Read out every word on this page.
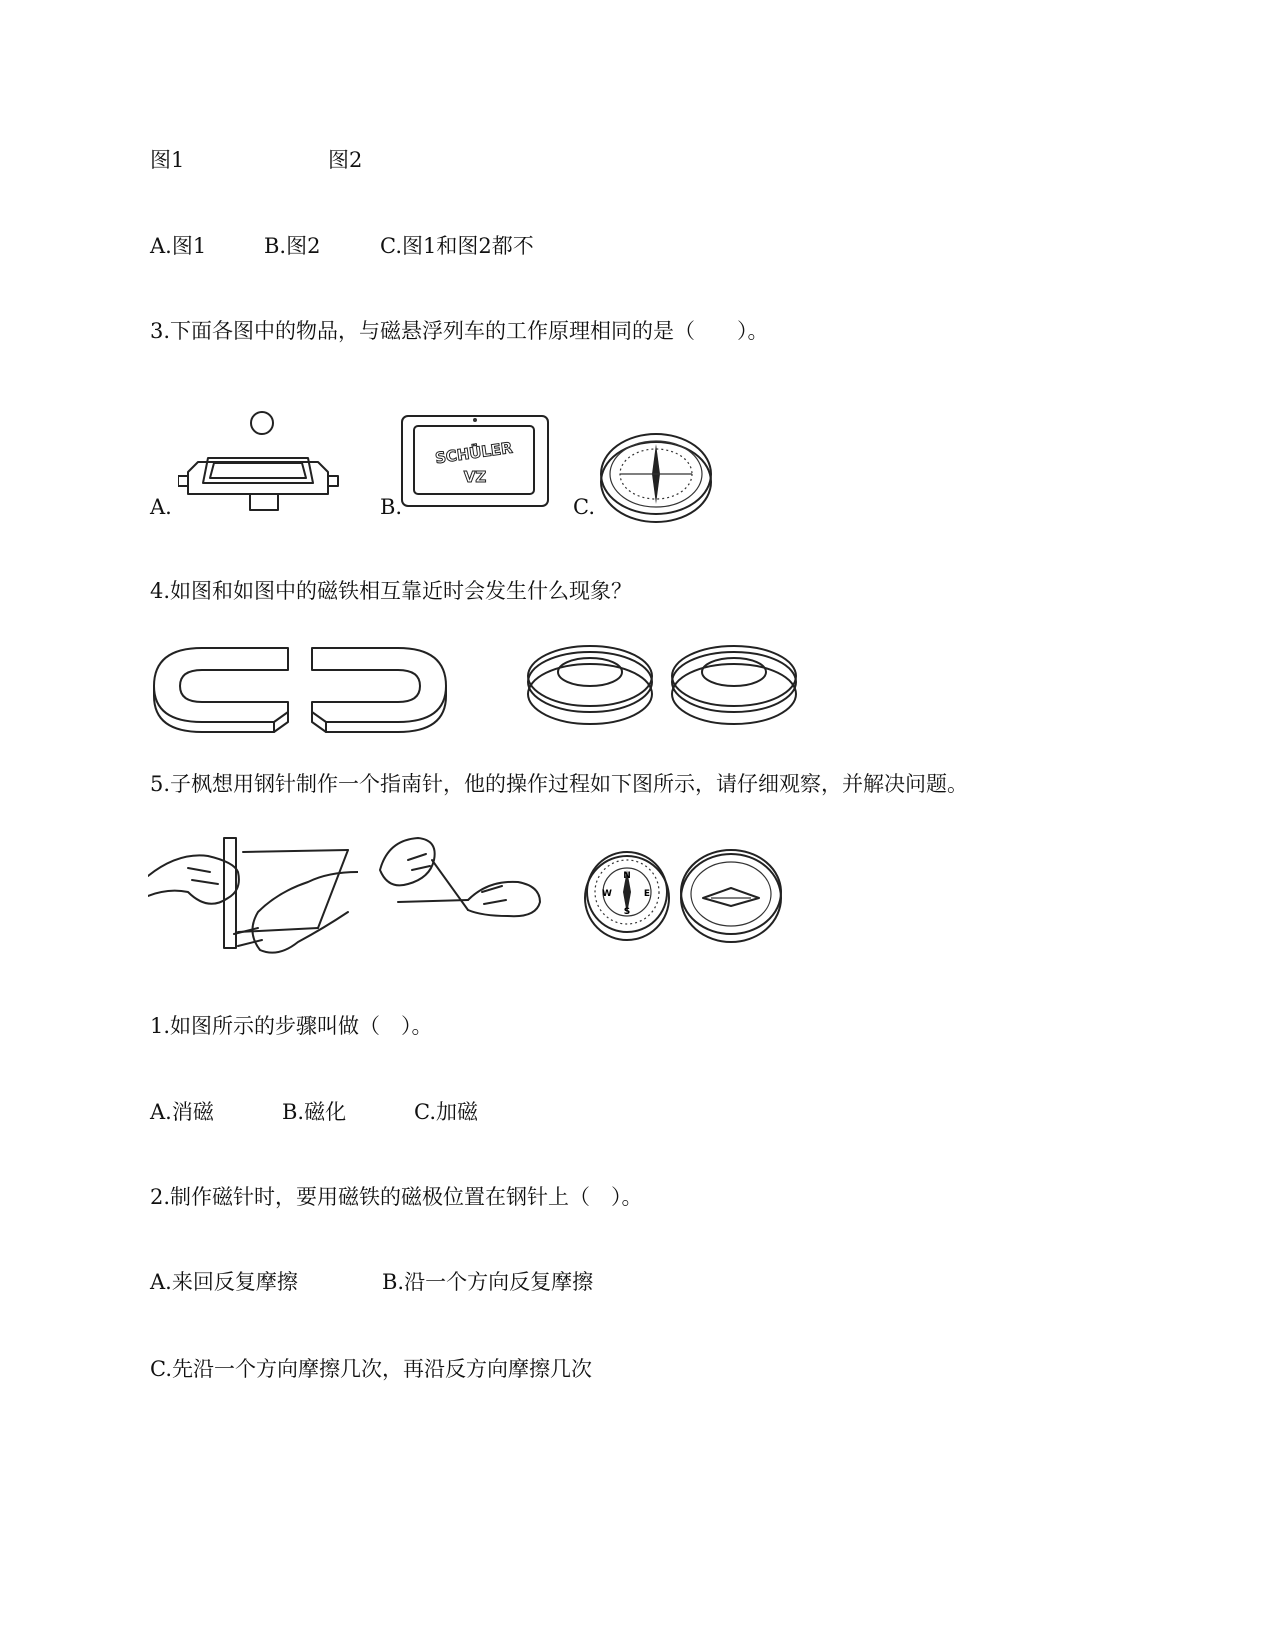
图1	图2
A.图1	B.图2	C.图1和图2都不
3.下面各图中的物品，与磁悬浮列车的工作原理相同的是（　　）。
A.	B.
SCHÜLER
VZ
C.
4.如图和如图中的磁铁相互靠近时会发生什么现象？
5.子枫想用钢针制作一个指南针，他的操作过程如下图所示，请仔细观察，并解决问题。
N
E
S
W
1.如图所示的步骤叫做（　）。
A.消磁	B.磁化	C.加磁
2.制作磁针时，要用磁铁的磁极位置在钢针上（　）。
A.来回反复摩擦	B.沿一个方向反复摩擦
C.先沿一个方向摩擦几次，再沿反方向摩擦几次
